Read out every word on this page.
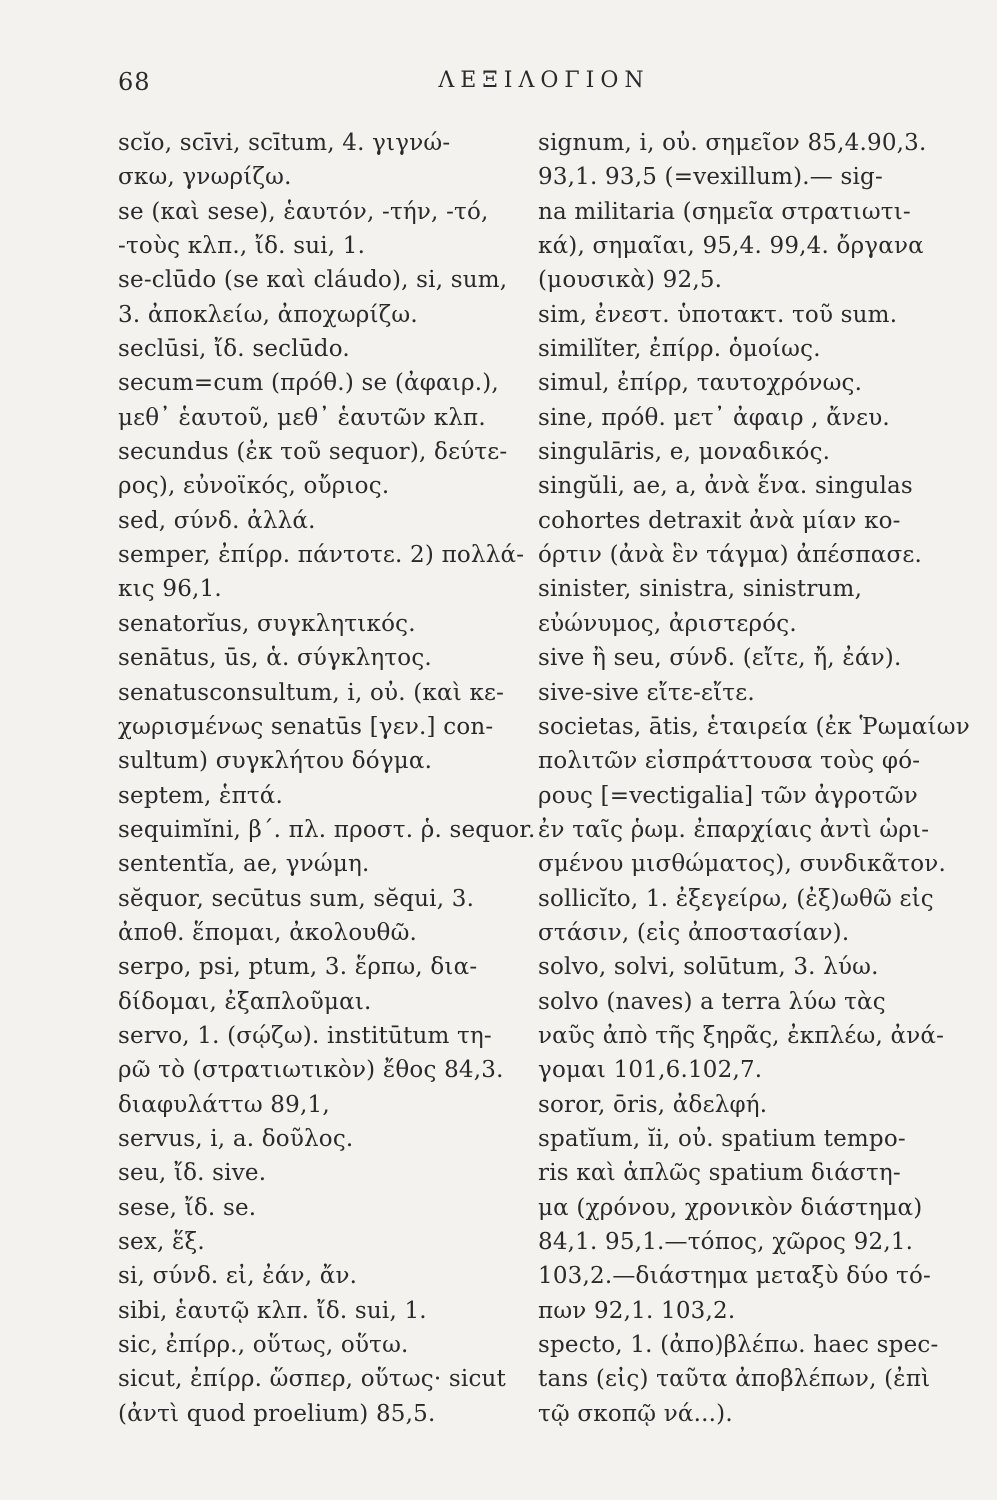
68	ΛΕΞΙΛΟΓΙΟΝ

scĭo, scīvi, scītum, 4. γιγνώ-
σκω, γνωρίζω.

se (καὶ sese), ἑαυτόν, -τήν, -τό,
-τοὺς κλπ., ἴδ. sui, 1.

se-clūdo (se καὶ cláudo), si, sum,
3. ἀποκλείω, ἀποχωρίζω.

seclūsi, ἴδ. seclūdo.

secum=cum (πρόθ.) se (ἀφαιρ.),
μεθ᾽ ἑαυτοῦ, μεθ᾽ ἑαυτῶν κλπ.

secundus (ἐκ τοῦ sequor), δεύτε-
ρος), εὐνοϊκός, οὔριος.

sed, σύνδ. ἀλλά.

semper, ἐπίρρ. πάντοτε. 2) πολλά-
κις 96,1.

senatorĭus, συγκλητικός.

senātus, ūs, ἁ. σύγκλητος.

senatusconsultum, i, οὐ. (καὶ κε-
χωρισμένως senatūs [γεν.] con-
sultum) συγκλήτου δόγμα.

septem, ἑπτά.

sequimĭni, β΄. πλ. προστ. ῥ. sequor.

sententĭa, ae, γνώμη.

sĕquor, secūtus sum, sĕqui, 3.
ἀποθ. ἕπομαι, ἀκολουθῶ.

serpo, psi, ptum, 3. ἕρπω, δια-
δίδομαι, ἐξαπλοῦμαι.

servo, 1. (σῴζω). institūtum τη-
ρῶ τὸ (στρατιωτικὸν) ἔθος 84,3.
διαφυλάττω 89,1,

servus, i, a. δοῦλος.

seu, ἴδ. sive.

sese, ἴδ. se.

sex, ἕξ.

si, σύνδ. εἰ, ἐάν, ἄν.

sibi, ἑαυτῷ κλπ. ἴδ. sui, 1.

sic, ἐπίρρ., οὕτως, οὕτω.

sicut, ἐπίρρ. ὥσπερ, οὕτως· sicut
(ἀντὶ quod proelium) 85,5.

signum, i, οὐ. σημεῖον 85,4.90,3.
93,1. 93,5 (=vexillum).— sig-
na militaria (σημεῖα στρατιωτι-
κά), σημαῖαι, 95,4. 99,4. ὄργανα
(μουσικὰ) 92,5.

sim, ἐνεστ. ὑποτακτ. τοῦ sum.

similĭter, ἐπίρρ. ὁμοίως.

simul, ἐπίρρ, ταυτοχρόνως.

sine, πρόθ. μετ᾽ ἀφαιρ , ἄνευ.

singulāris, e, μοναδικός.

singŭli, ae, a, ἀνὰ ἕνα. singulas
cohortes detraxit ἀνὰ μίαν κο-
όρτιν (ἀνὰ ἓν τάγμα) ἀπέσπασε.

sinister, sinistra, sinistrum,
εὐώνυμος, ἀριστερός.

sive ἢ seu, σύνδ. (εἴτε, ἤ, ἐάν).

sive-sive εἴτε-εἴτε.

societas, ātis, ἑταιρεία (ἐκ Ῥωμαίων
πολιτῶν εἰσπράττουσα τοὺς φό-
ρους [=vectigalia] τῶν ἀγροτῶν
ἐν ταῖς ῥωμ. ἐπαρχίαις ἀντὶ ὡρι-
σμένου μισθώματος), συνδικᾶτον.

sollicĭto, 1. ἐξεγείρω, (ἐξ)ωθῶ εἰς
στάσιν, (εἰς ἀποστασίαν).

solvo, solvi, solūtum, 3. λύω.

solvo (naves) a terra λύω τὰς
ναῦς ἀπὸ τῆς ξηρᾶς, ἐκπλέω, ἀνά-
γομαι 101,6.102,7.

soror, ōris, ἀδελφή.

spatĭum, ĭi, οὐ. spatium tempo-
ris καὶ ἁπλῶς spatium διάστη-
μα (χρόνου, χρονικὸν διάστημα)
84,1. 95,1.—τόπος, χῶρος 92,1.
103,2.—διάστημα μεταξὺ δύο τό-
πων 92,1. 103,2.

specto, 1. (ἀπο)βλέπω. haec spec-
tans (εἰς) ταῦτα ἀποβλέπων, (ἐπὶ
τῷ σκοπῷ νά...).
